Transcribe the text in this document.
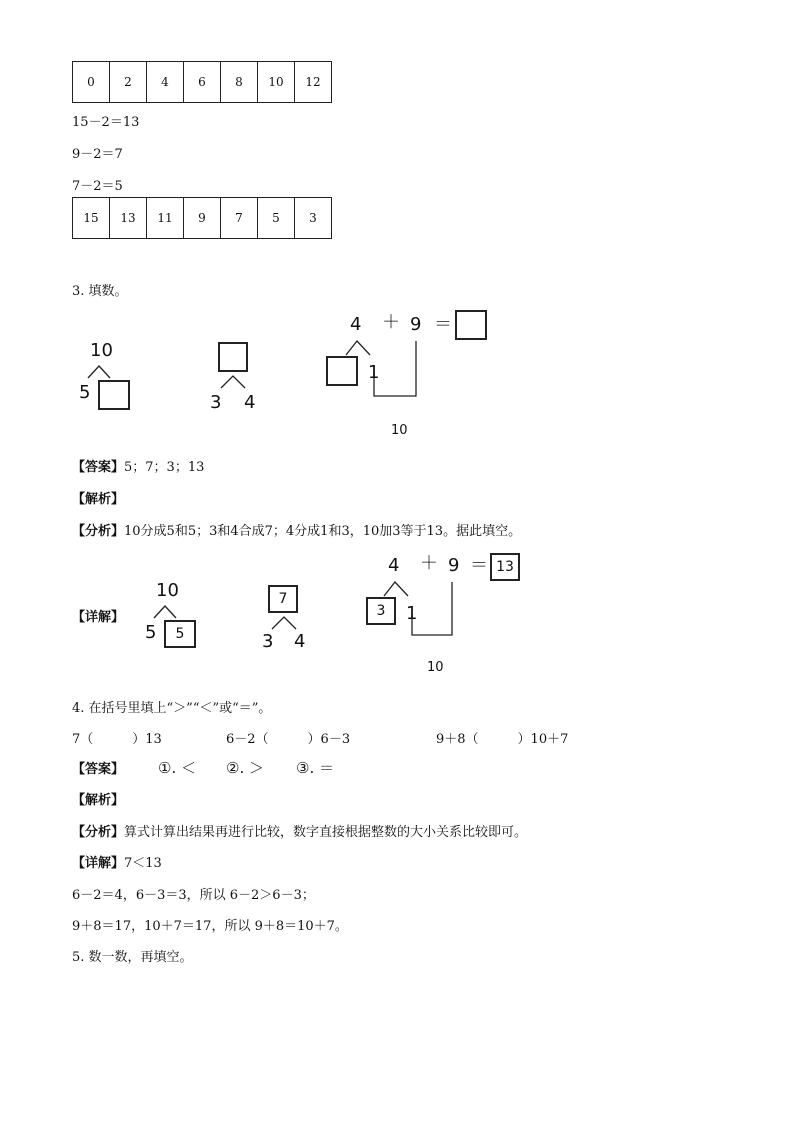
0	2	4	6	8	10	12
15－2＝13
9－2＝7
7－2＝5
15	13	11	9	7	5	3
3. 填数。
10
5	3 4
4 ＋ 9 ＝
1
10
【答案】5；7；3；13
【解析】
【分析】10分成5和5；3和4合成7；4分成1和3，10加3等于13。据此填空。
【详解】
10
5	5
7
3 4
4 ＋ 9 ＝ 13
3	1
10
4. 在括号里填上“＞”“＜”或“＝”。
7（　　　）13	6－2（　　　）6－3	9＋8（　　　）10＋7
【答案】 ①. ＜ ②. ＞ ③. ＝
【解析】
【分析】算式计算出结果再进行比较，数字直接根据整数的大小关系比较即可。
【详解】7＜13
6－2＝4，6－3＝3，所以 6－2＞6－3；
9＋8＝17，10＋7＝17，所以 9＋8＝10＋7。
5. 数一数，再填空。
